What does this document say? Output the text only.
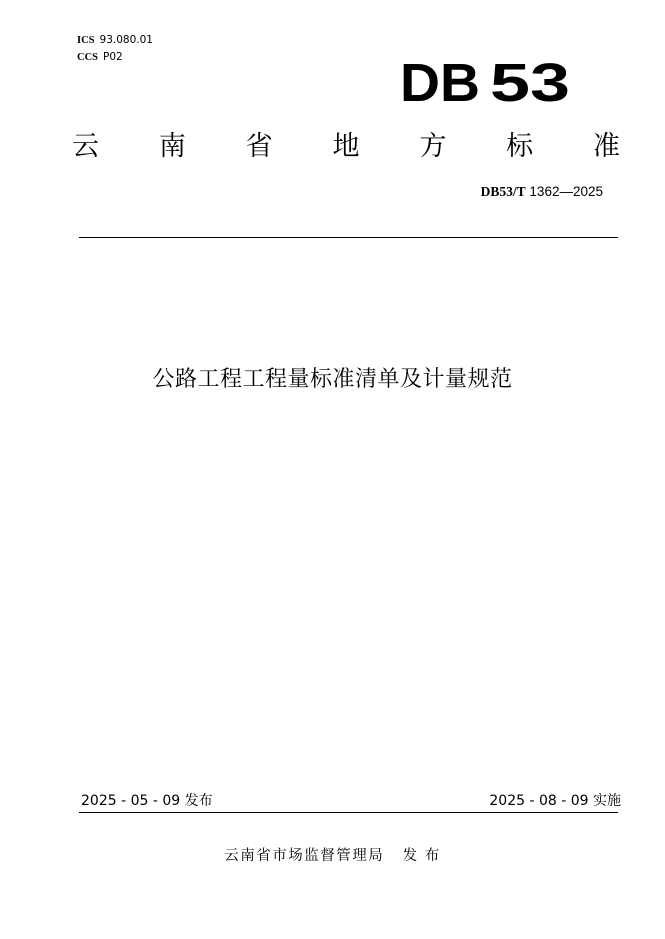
ICS 93.080.01
CCS P02	DB 53
云 南 省 地 方 标 准
DB53/T 1362—2025
公路工程工程量标准清单及计量规范
2025 - 05 - 09 发布	2025 - 08 - 09 实施
云南省市场监督管理局   发 布
